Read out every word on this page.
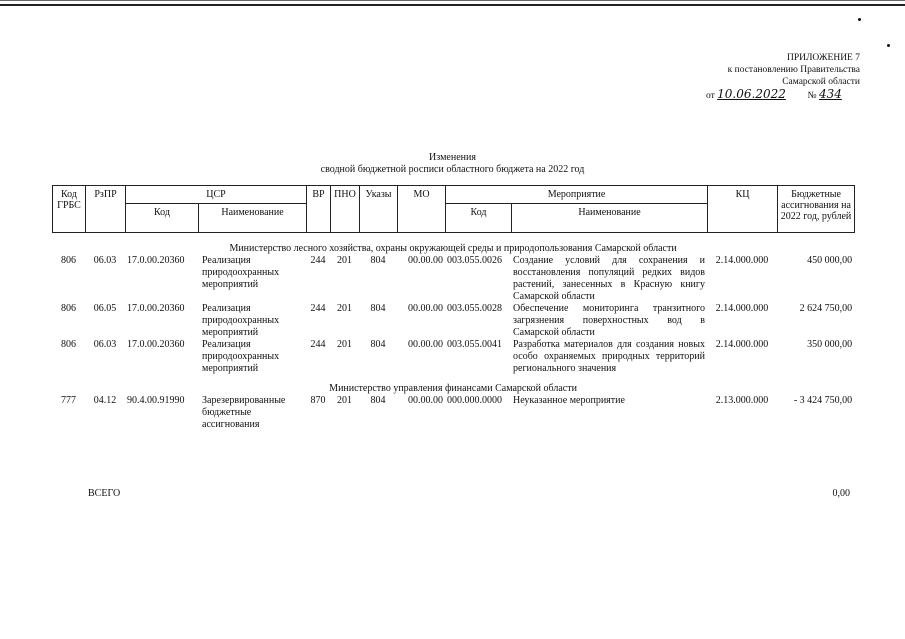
ПРИЛОЖЕНИЕ 7
к постановлению Правительства
Самарской области
от 10.06.2022 № 434
Изменения
сводной бюджетной росписи областного бюджета на 2022 год
Код ГРБС	РзПР	ЦСР		ВР	ПНО	Указы	МО	Мероприятие		КЦ	Бюджетные ассигнования на 2022 год, рублей
		Код	Наименование					Код	Наименование		
Министерство лесного хозяйства, охраны окружающей среды и природопользования Самарской области											
806	06.03	17.0.00.20360	Реализация природоохранных мероприятий	244	201	804	00.00.00	003.055.0026	Создание условий для сохранения и восстановления популяций редких видов растений, занесенных в Красную книгу Самарской области	2.14.000.000	450 000,00
806	06.05	17.0.00.20360	Реализация природоохранных мероприятий	244	201	804	00.00.00	003.055.0028	Обеспечение мониторинга транзитного загрязнения поверхностных вод в Самарской области	2.14.000.000	2 624 750,00
806	06.03	17.0.00.20360	Реализация природоохранных мероприятий	244	201	804	00.00.00	003.055.0041	Разработка материалов для создания новых особо охраняемых природных территорий регионального значения	2.14.000.000	350 000,00
Министерство управления финансами Самарской области											
777	04.12	90.4.00.91990	Зарезервированные бюджетные ассигнования	870	201	804	00.00.00	000.000.0000	Неуказанное мероприятие	2.13.000.000	- 3 424 750,00
ВСЕГО	0,00
